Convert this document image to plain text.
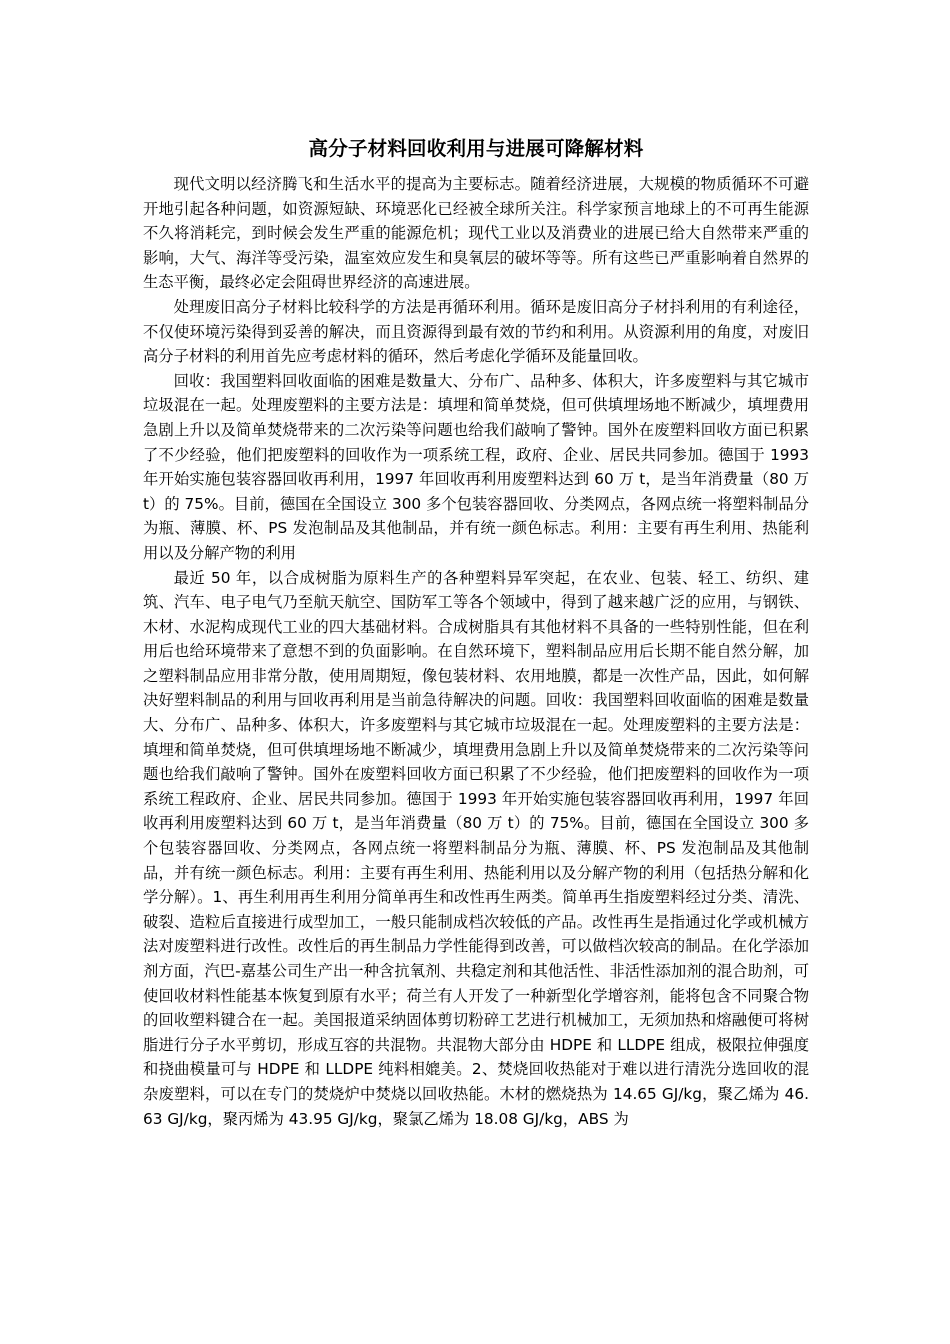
高分子材料回收利用与进展可降解材料

现代文明以经济腾飞和生活水平的提高为主要标志。随着经济进展，大规模的物质循环不可避开地引起各种问题，如资源短缺、环境恶化已经被全球所关注。科学家预言地球上的不可再生能源不久将消耗完，到时候会发生严重的能源危机；现代工业以及消费业的进展已给大自然带来严重的影响，大气、海洋等受污染，温室效应发生和臭氧层的破坏等等。所有这些已严重影响着自然界的生态平衡，最终必定会阻碍世界经济的高速进展。

处理废旧高分子材料比较科学的方法是再循环利用。循环是废旧高分子材抖利用的有利途径，不仅使环境污染得到妥善的解决，而且资源得到最有效的节约和利用。从资源利用的角度，对废旧高分子材料的利用首先应考虑材料的循环，然后考虑化学循环及能量回收。

回收：我国塑料回收面临的困难是数量大、分布广、品种多、体积大，许多废塑料与其它城市垃圾混在一起。处理废塑料的主要方法是：填埋和简单焚烧，但可供填埋场地不断减少，填埋费用急剧上升以及简单焚烧带来的二次污染等问题也给我们敲响了警钟。国外在废塑料回收方面已积累了不少经验，他们把废塑料的回收作为一项系统工程，政府、企业、居民共同参加。德国于 1993 年开始实施包装容器回收再利用，1997 年回收再利用废塑料达到 60 万 t，是当年消费量（80 万 t）的 75%。目前，德国在全国设立 300 多个包装容器回收、分类网点，各网点统一将塑料制品分为瓶、薄膜、杯、PS 发泡制品及其他制品，并有统一颜色标志。利用：主要有再生利用、热能利用以及分解产物的利用

最近 50 年，以合成树脂为原料生产的各种塑料异军突起，在农业、包装、轻工、纺织、建筑、汽车、电子电气乃至航天航空、国防军工等各个领域中，得到了越来越广泛的应用，与钢铁、木材、水泥构成现代工业的四大基础材料。合成树脂具有其他材料不具备的一些特别性能，但在利用后也给环境带来了意想不到的负面影响。在自然环境下，塑料制品应用后长期不能自然分解，加之塑料制品应用非常分散，使用周期短，像包装材料、农用地膜，都是一次性产品，因此，如何解决好塑料制品的利用与回收再利用是当前急待解决的问题。回收：我国塑料回收面临的困难是数量大、分布广、品种多、体积大，许多废塑料与其它城市垃圾混在一起。处理废塑料的主要方法是：填埋和简单焚烧，但可供填埋场地不断减少，填埋费用急剧上升以及简单焚烧带来的二次污染等问题也给我们敲响了警钟。国外在废塑料回收方面已积累了不少经验，他们把废塑料的回收作为一项系统工程政府、企业、居民共同参加。德国于 1993 年开始实施包装容器回收再利用，1997 年回收再利用废塑料达到 60 万 t，是当年消费量（80 万 t）的 75%。目前，德国在全国设立 300 多个包装容器回收、分类网点，各网点统一将塑料制品分为瓶、薄膜、杯、PS 发泡制品及其他制品，并有统一颜色标志。利用：主要有再生利用、热能利用以及分解产物的利用（包括热分解和化学分解）。1、再生利用再生利用分简单再生和改性再生两类。简单再生指废塑料经过分类、清洗、破裂、造粒后直接进行成型加工，一般只能制成档次较低的产品。改性再生是指通过化学或机械方法对废塑料进行改性。改性后的再生制品力学性能得到改善，可以做档次较高的制品。在化学添加剂方面，汽巴-嘉基公司生产出一种含抗氧剂、共稳定剂和其他活性、非活性添加剂的混合助剂，可使回收材料性能基本恢复到原有水平；荷兰有人开发了一种新型化学增容剂，能将包含不同聚合物的回收塑料键合在一起。美国报道采纳固体剪切粉碎工艺进行机械加工，无须加热和熔融便可将树脂进行分子水平剪切，形成互容的共混物。共混物大部分由 HDPE 和 LLDPE 组成，极限拉伸强度和挠曲模量可与 HDPE 和 LLDPE 纯料相媲美。2、焚烧回收热能对于难以进行清洗分选回收的混杂废塑料，可以在专门的焚烧炉中焚烧以回收热能。木材的燃烧热为 14.65 GJ/kg，聚乙烯为 46.63 GJ/kg，聚丙烯为 43.95 GJ/kg，聚氯乙烯为 18.08 GJ/kg，ABS 为
